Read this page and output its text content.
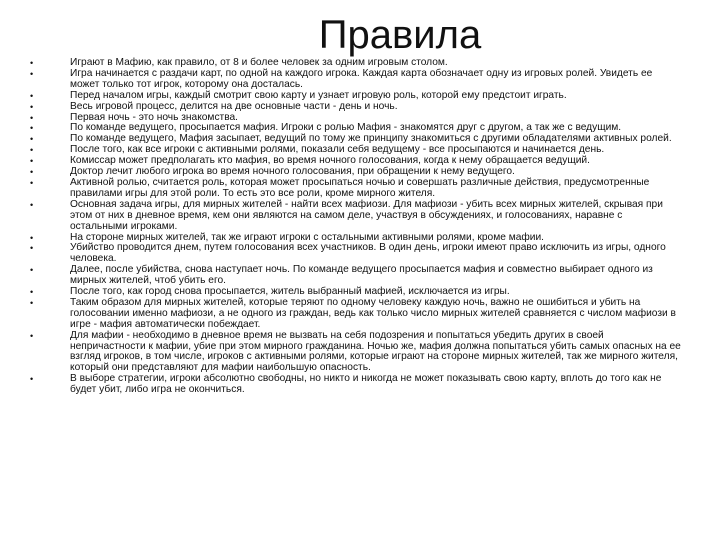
Правила
•	Играют в Мафию, как правило, от 8 и более человек за одним игровым столом.
•	Игра начинается с раздачи карт, по одной на каждого игрока. Каждая карта обозначает одну из игровых ролей. Увидеть ее может только тот игрок, которому она досталась.
•	Перед началом игры, каждый смотрит свою карту и узнает игровую роль, которой ему предстоит играть.
•	Весь игровой процесс, делится на две основные части - день и ночь.
•	Первая ночь - это ночь знакомства.
•	По команде ведущего, просыпается мафия. Игроки с ролью Мафия - знакомятся друг с другом, а так же с ведущим.
•	По команде ведущего, Мафия засыпает, ведущий по тому же принципу знакомиться с другими обладателями активных ролей.
•	После того, как все игроки с активными ролями, показали себя ведущему - все просыпаются и начинается день.
•	Комиссар может предполагать кто мафия, во время ночного голосования, когда к нему обращается ведущий.
•	Доктор лечит любого игрока во время ночного голосования, при обращении к нему ведущего.
•	Активной ролью, считается роль, которая может просыпаться ночью и совершать различные действия, предусмотренные правилами игры для этой роли. То есть это все роли, кроме мирного жителя.
•	Основная задача игры, для мирных жителей - найти всех мафиози. Для мафиози - убить всех мирных жителей, скрывая при этом от них в дневное время, кем они являются на самом деле, участвуя в обсуждениях, и голосованиях, наравне с остальными игроками.
•	На стороне мирных жителей, так же играют игроки с остальными активными ролями, кроме мафии.
•	Убийство проводится днем, путем голосования всех участников. В один день, игроки имеют право исключить из игры, одного человека.
•	Далее, после убийства, снова наступает ночь. По команде ведущего просыпается мафия и совместно выбирает одного из мирных жителей, чтоб убить его.
•	После того, как город снова просыпается, житель выбранный мафией, исключается из игры.
•	Таким образом для мирных жителей, которые теряют по одному человеку каждую ночь, важно не ошибиться и убить на голосовании именно мафиози, а не одного из граждан, ведь как только число мирных жителей сравняется с числом мафиози в игре - мафия автоматически побеждает.
•	Для мафии - необходимо в дневное время не вызвать на себя подозрения и попытаться убедить других в своей непричастности к мафии, убие при этом мирного гражданина. Ночью же, мафия должна попытаться убить самых опасных на ее взгляд игроков, в том числе, игроков с активными ролями, которые играют на стороне мирных жителей, так же мирного жителя, который они представляют для мафии наибольшую опасность.
•	В выборе стратегии, игроки абсолютно свободны, но никто и никогда не может показывать свою карту, вплоть до того как не будет убит, либо игра не окончиться.
